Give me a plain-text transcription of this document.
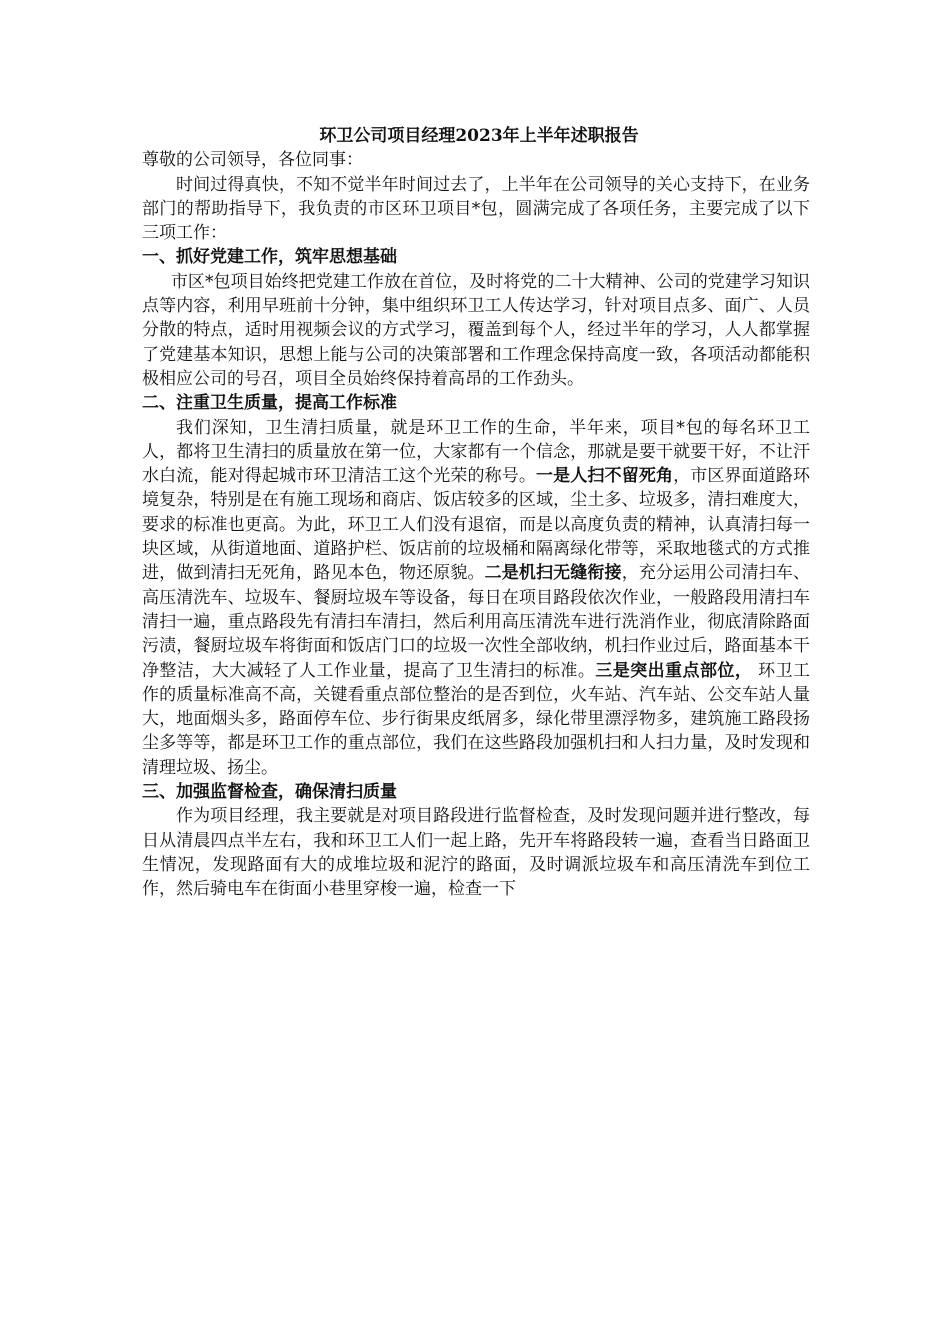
环卫公司项目经理2023年上半年述职报告

尊敬的公司领导，各位同事：

时间过得真快，不知不觉半年时间过去了，上半年在公司领导的关心支持下，在业务部门的帮助指导下，我负责的市区环卫项目*包，圆满完成了各项任务，主要完成了以下三项工作：

一、抓好党建工作，筑牢思想基础

市区*包项目始终把党建工作放在首位，及时将党的二十大精神、公司的党建学习知识点等内容，利用早班前十分钟，集中组织环卫工人传达学习，针对项目点多、面广、人员分散的特点，适时用视频会议的方式学习，覆盖到每个人，经过半年的学习，人人都掌握了党建基本知识，思想上能与公司的决策部署和工作理念保持高度一致，各项活动都能积极相应公司的号召，项目全员始终保持着高昂的工作劲头。

二、注重卫生质量，提高工作标准

我们深知，卫生清扫质量，就是环卫工作的生命，半年来，项目*包的每名环卫工人，都将卫生清扫的质量放在第一位，大家都有一个信念，那就是要干就要干好，不让汗水白流，能对得起城市环卫清洁工这个光荣的称号。一是人扫不留死角，市区界面道路环境复杂，特别是在有施工现场和商店、饭店较多的区域，尘土多、垃圾多，清扫难度大，要求的标准也更高。为此，环卫工人们没有退宿，而是以高度负责的精神，认真清扫每一块区域，从街道地面、道路护栏、饭店前的垃圾桶和隔离绿化带等，采取地毯式的方式推进，做到清扫无死角，路见本色，物还原貌。二是机扫无缝衔接，充分运用公司清扫车、高压清洗车、垃圾车、餐厨垃圾车等设备，每日在项目路段依次作业，一般路段用清扫车清扫一遍，重点路段先有清扫车清扫，然后利用高压清洗车进行洗消作业，彻底清除路面污渍，餐厨垃圾车将街面和饭店门口的垃圾一次性全部收纳，机扫作业过后，路面基本干净整洁，大大减轻了人工作业量，提高了卫生清扫的标准。三是突出重点部位， 环卫工作的质量标准高不高，关键看重点部位整治的是否到位，火车站、汽车站、公交车站人量大，地面烟头多，路面停车位、步行街果皮纸屑多，绿化带里漂浮物多，建筑施工路段扬尘多等等，都是环卫工作的重点部位，我们在这些路段加强机扫和人扫力量，及时发现和清理垃圾、扬尘。

三、加强监督检查，确保清扫质量

作为项目经理，我主要就是对项目路段进行监督检查，及时发现问题并进行整改，每日从清晨四点半左右，我和环卫工人们一起上路，先开车将路段转一遍，查看当日路面卫生情况，发现路面有大的成堆垃圾和泥泞的路面，及时调派垃圾车和高压清洗车到位工作，然后骑电车在街面小巷里穿梭一遍，检查一下
